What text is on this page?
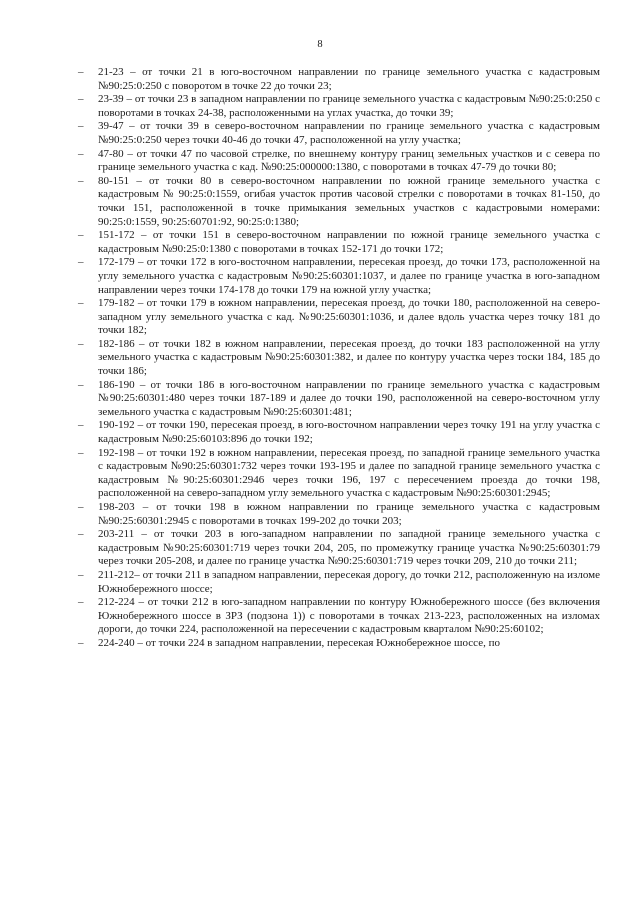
8

– 21-23 – от точки 21 в юго-восточном направлении по границе земельного участка с кадастровым №90:25:0:250 с поворотом в точке 22 до точки 23;

– 23-39 – от точки 23 в западном направлении по границе земельного участка с кадастровым №90:25:0:250 с поворотами в точках 24-38, расположенными на углах участка, до точки 39;

– 39-47 – от точки 39 в северо-восточном направлении по границе земельного участка с кадастровым №90:25:0:250 через точки 40-46 до точки 47, расположенной на углу участка;

– 47-80 – от точки 47 по часовой стрелке, по внешнему контуру границ земельных участков и с севера по границе земельного участка с кад. №90:25:000000:1380, с поворотами в точках 47-79 до точки 80;

– 80-151 – от точки 80 в северо-восточном направлении по южной границе земельного участка с кадастровым № 90:25:0:1559, огибая участок против часовой стрелки с поворотами в точках 81-150, до точки 151, расположенной в точке примыкания земельных участков с кадастровыми номерами: 90:25:0:1559, 90:25:60701:92, 90:25:0:1380;

– 151-172 – от точки 151 в северо-восточном направлении по южной границе земельного участка с кадастровым №90:25:0:1380 с поворотами в точках 152-171 до точки 172;

– 172-179 – от точки 172 в юго-восточном направлении, пересекая проезд, до точки 173, расположенной на углу земельного участка с кадастровым №90:25:60301:1037, и далее по границе участка в юго-западном направлении через точки 174-178 до точки 179 на южной углу участка;

– 179-182 – от точки 179 в южном направлении, пересекая проезд, до точки 180, расположенной на северо-западном углу земельного участка с кад. №90:25:60301:1036, и далее вдоль участка через точку 181 до точки 182;

– 182-186 – от точки 182 в южном направлении, пересекая проезд, до точки 183 расположенной на углу земельного участка с кадастровым №90:25:60301:382, и далее по контуру участка через тоски 184, 185 до точки 186;

– 186-190 – от точки 186 в юго-восточном направлении по границе земельного участка с кадастровым №90:25:60301:480 через точки 187-189 и далее до точки 190, расположенной на северо-восточном углу земельного участка с кадастровым №90:25:60301:481;

– 190-192 – от точки 190, пересекая проезд, в юго-восточном направлении через точку 191 на углу участка с кадастровым №90:25:60103:896 до точки 192;

– 192-198 – от точки 192 в южном направлении, пересекая проезд, по западной границе земельного участка с кадастровым №90:25:60301:732 через точки 193-195 и далее по западной границе земельного участка с кадастровым №90:25:60301:2946 через точки 196, 197 с пересечением проезда до точки 198, расположенной на северо-западном углу земельного участка с кадастровым №90:25:60301:2945;

– 198-203 – от точки 198 в южном направлении по границе земельного участка с кадастровым №90:25:60301:2945 с поворотами в точках 199-202 до точки 203;

– 203-211 – от точки 203 в юго-западном направлении по западной границе земельного участка с кадастровым №90:25:60301:719 через точки 204, 205, по промежутку границе участка №90:25:60301:79 через точки 205-208, и далее по границе участка №90:25:60301:719 через точки 209, 210 до точки 211;

– 211-212– от точки 211 в западном направлении, пересекая дорогу, до точки 212, расположенную на изломе Южнобережного шоссе;

– 212-224 – от точки 212 в юго-западном направлении по контуру Южнобережного шоссе (без включения Южнобережного шоссе в ЗРЗ (подзона 1)) с поворотами в точках 213-223, расположенных на изломах дороги, до точки 224, расположенной на пересечении с кадастровым кварталом №90:25:60102;

– 224-240 – от точки 224 в западном направлении, пересекая Южнобережное шоссе, по
